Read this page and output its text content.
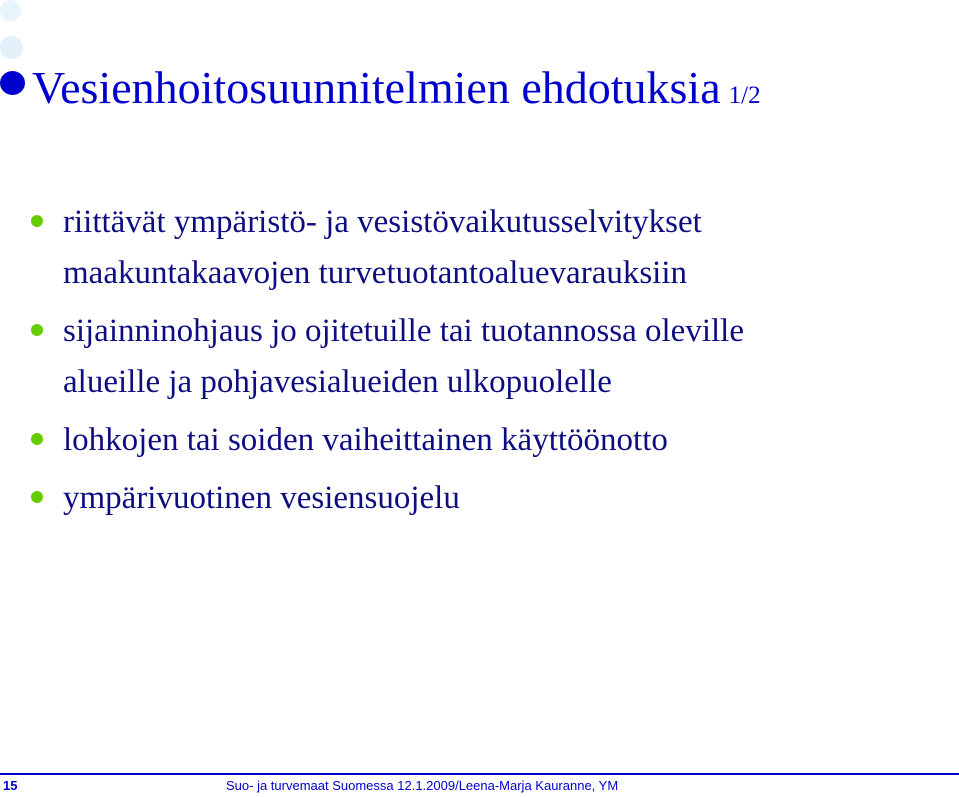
Vesienhoitosuunnitelmien ehdotuksia 1/2
riittävät ympäristö- ja vesistövaikutusselvitykset
maakuntakaavojen turvetuotantoaluevarauksiin
sijainninohjaus jo ojitetuille tai tuotannossa oleville
alueille ja pohjavesialueiden ulkopuolelle
lohkojen tai soiden vaiheittainen käyttöönotto
ympärivuotinen vesiensuojelu
15	Suo- ja turvemaat Suomessa 12.1.2009/Leena-Marja Kauranne, YM
